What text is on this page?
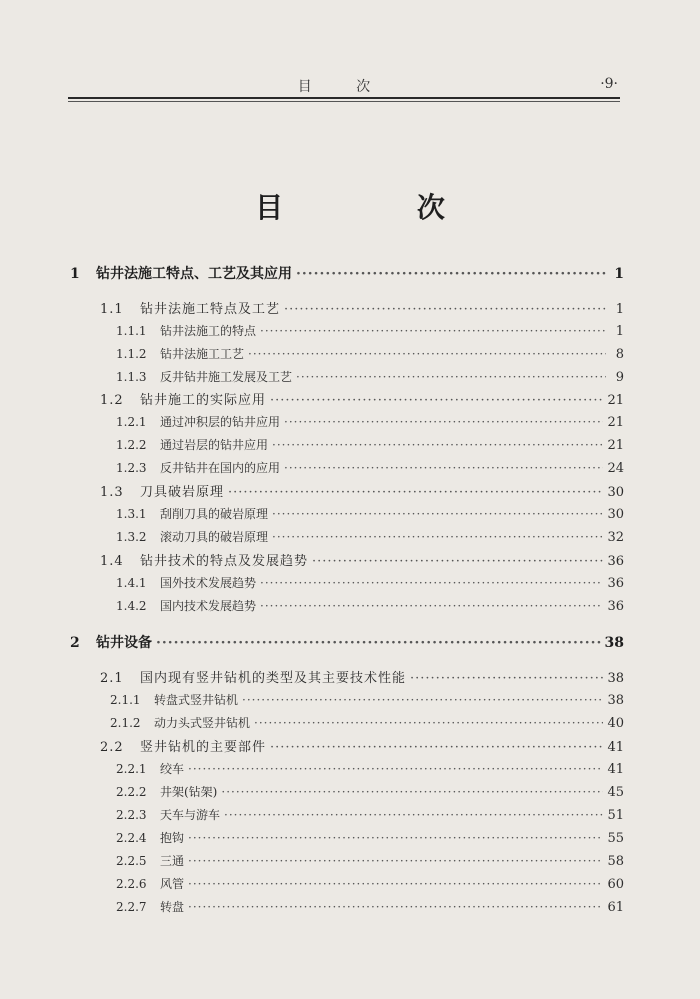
目 次	·9·
目 次
1	钻井法施工特点、工艺及其应用 ·····	1
1.1	钻井法施工特点及工艺 ·····	1
1.1.1	钻井法施工的特点 ·····	1
1.1.2	钻井法施工工艺 ·····	8
1.1.3	反井钻井施工发展及工艺 ·····	9
1.2	钻井施工的实际应用 ·····	21
1.2.1	通过冲积层的钻井应用 ·····	21
1.2.2	通过岩层的钻井应用 ·····	21
1.2.3	反井钻井在国内的应用 ·····	24
1.3	刀具破岩原理 ·····	30
1.3.1	刮削刀具的破岩原理 ·····	30
1.3.2	滚动刀具的破岩原理 ·····	32
1.4	钻井技术的特点及发展趋势 ·····	36
1.4.1	国外技术发展趋势 ·····	36
1.4.2	国内技术发展趋势 ·····	36
2	钻井设备 ·····	38
2.1	国内现有竖井钻机的类型及其主要技术性能 ·····	38
2.1.1	转盘式竖井钻机 ·····	38
2.1.2	动力头式竖井钻机 ·····	40
2.2	竖井钻机的主要部件 ·····	41
2.2.1	绞车 ·····	41
2.2.2	井架(钻架) ·····	45
2.2.3	天车与游车 ·····	51
2.2.4	抱钩 ·····	55
2.2.5	三通 ·····	58
2.2.6	风管 ·····	60
2.2.7	转盘 ·····	61
